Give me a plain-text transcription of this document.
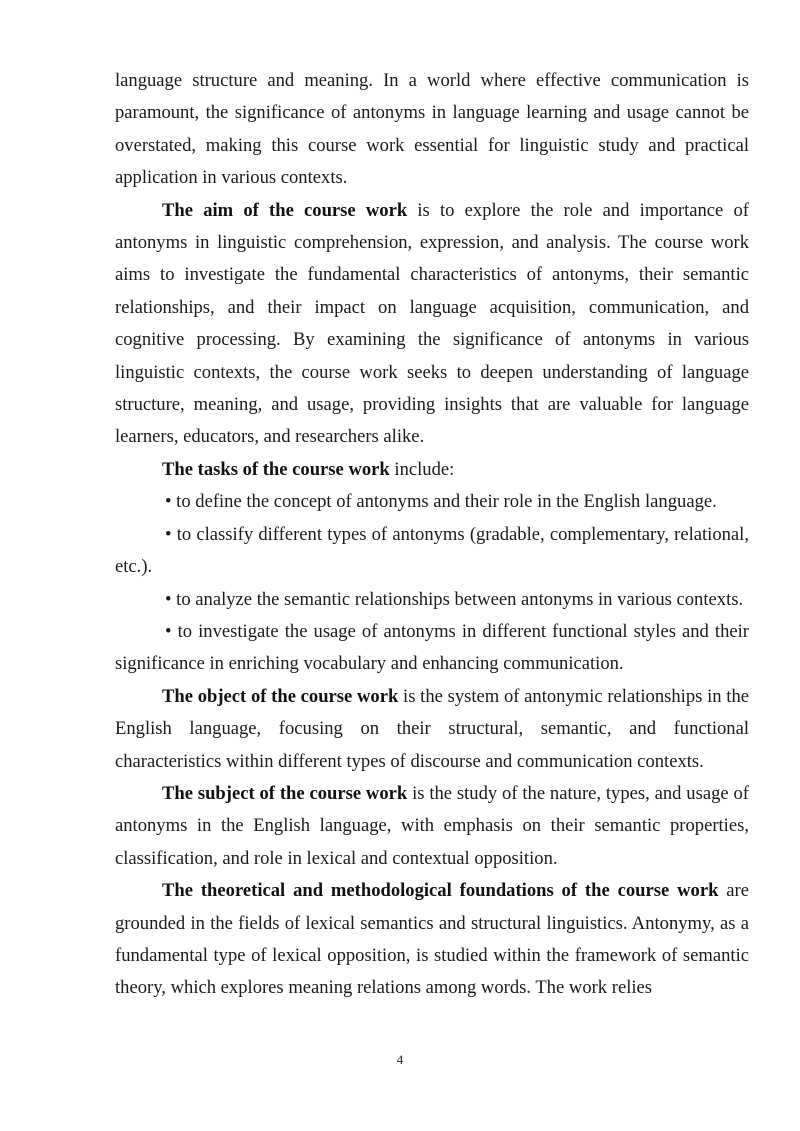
language structure and meaning. In a world where effective communication is paramount, the significance of antonyms in language learning and usage cannot be overstated, making this course work essential for linguistic study and practical application in various contexts.

The aim of the course work is to explore the role and importance of antonyms in linguistic comprehension, expression, and analysis. The course work aims to investigate the fundamental characteristics of antonyms, their semantic relationships, and their impact on language acquisition, communication, and cognitive processing. By examining the significance of antonyms in various linguistic contexts, the course work seeks to deepen understanding of language structure, meaning, and usage, providing insights that are valuable for language learners, educators, and researchers alike.

The tasks of the course work include:

• to define the concept of antonyms and their role in the English language.

• to classify different types of antonyms (gradable, complementary, relational, etc.).

• to analyze the semantic relationships between antonyms in various contexts.

• to investigate the usage of antonyms in different functional styles and their significance in enriching vocabulary and enhancing communication.

The object of the course work is the system of antonymic relationships in the English language, focusing on their structural, semantic, and functional characteristics within different types of discourse and communication contexts.

The subject of the course work is the study of the nature, types, and usage of antonyms in the English language, with emphasis on their semantic properties, classification, and role in lexical and contextual opposition.

The theoretical and methodological foundations of the course work are grounded in the fields of lexical semantics and structural linguistics. Antonymy, as a fundamental type of lexical opposition, is studied within the framework of semantic theory, which explores meaning relations among words. The work relies

4
